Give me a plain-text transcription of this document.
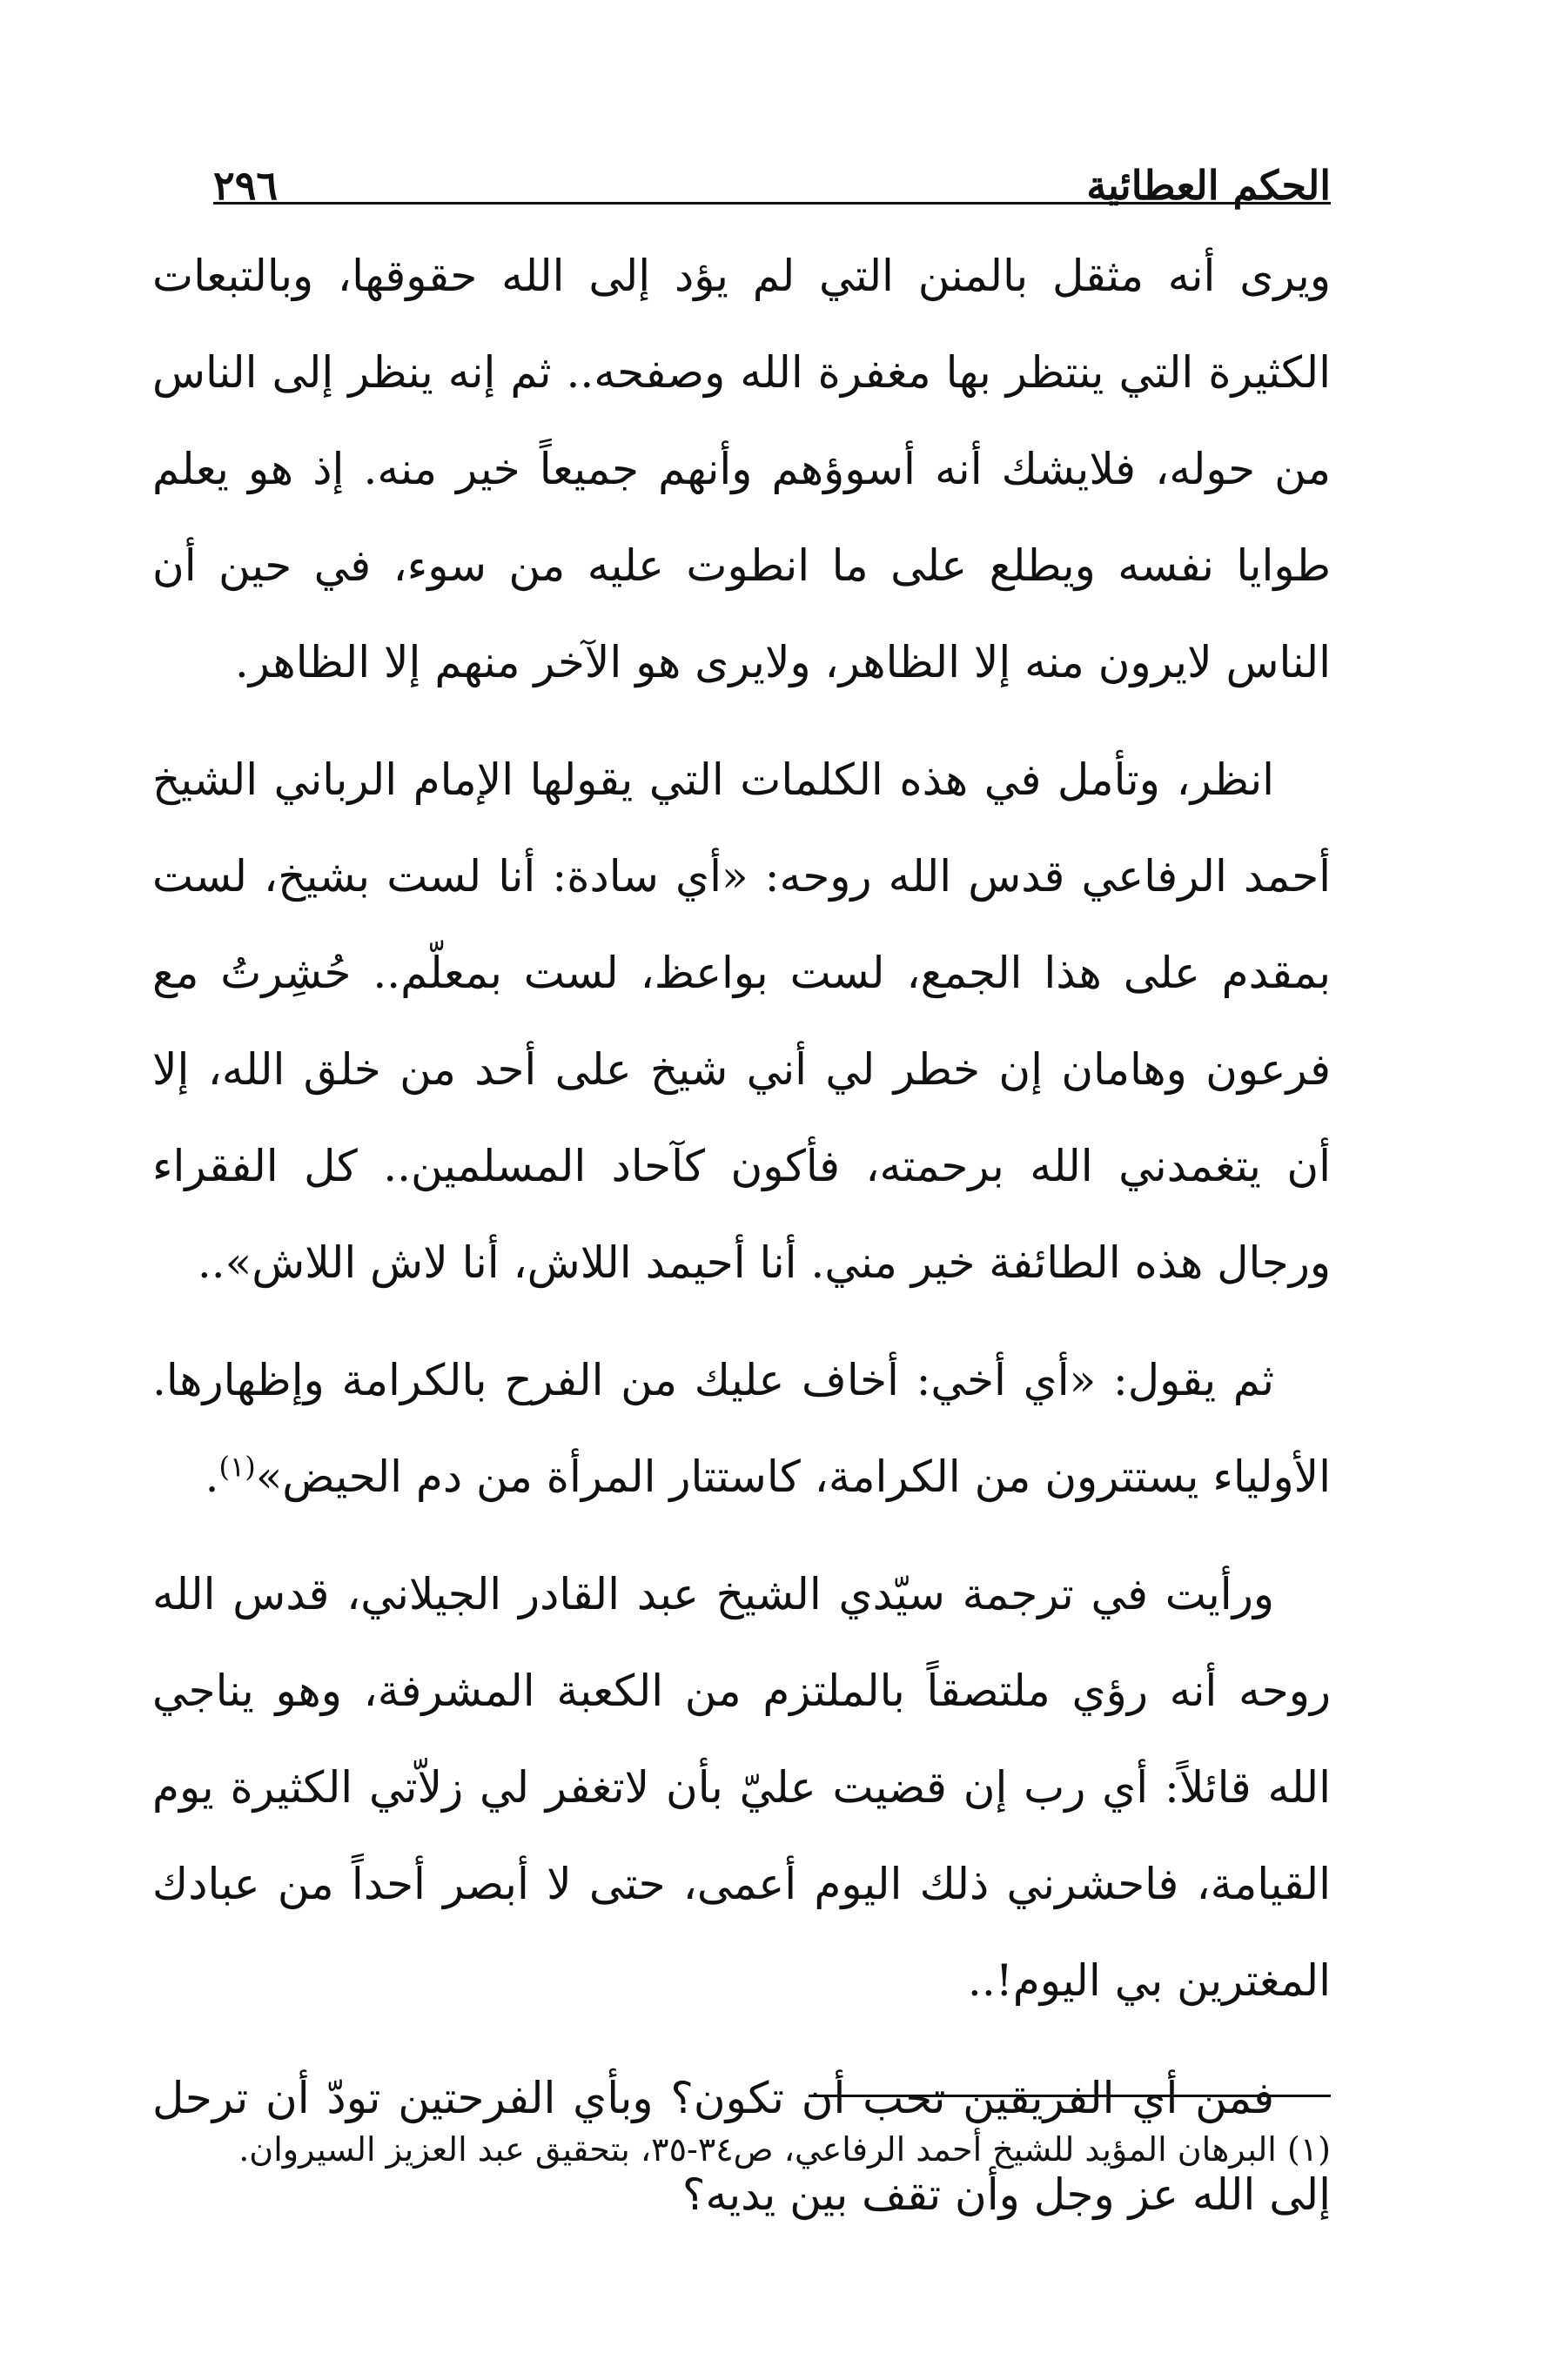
الحكم العطائية
٢٩٦

ويرى أنه مثقل بالمنن التي لم يؤد إلى الله حقوقها، وبالتبعات الكثيرة التي ينتظر بها مغفرة الله وصفحه.. ثم إنه ينظر إلى الناس من حوله، فلايشك أنه أسوؤهم وأنهم جميعاً خير منه. إذ هو يعلم طوايا نفسه ويطلع على ما انطوت عليه من سوء، في حين أن الناس لايرون منه إلا الظاهر، ولايرى هو الآخر منهم إلا الظاهر.

انظر، وتأمل في هذه الكلمات التي يقولها الإمام الرباني الشيخ أحمد الرفاعي قدس الله روحه: «أي سادة: أنا لست بشيخ، لست بمقدم على هذا الجمع، لست بواعظ، لست بمعلّم.. حُشِرتُ مع فرعون وهامان إن خطر لي أني شيخ على أحد من خلق الله، إلا أن يتغمدني الله برحمته، فأكون كآحاد المسلمين.. كل الفقراء ورجال هذه الطائفة خير مني. أنا أحيمد اللاش، أنا لاش اللاش»..

ثم يقول: «أي أخي: أخاف عليك من الفرح بالكرامة وإظهارها. الأولياء يستترون من الكرامة، كاستتار المرأة من دم الحيض»$^{(١)}$.

ورأيت في ترجمة سيّدي الشيخ عبد القادر الجيلاني، قدس الله روحه أنه رؤي ملتصقاً بالملتزم من الكعبة المشرفة، وهو يناجي الله قائلاً: أي رب إن قضيت عليّ بأن لاتغفر لي زلاّتي الكثيرة يوم القيامة، فاحشرني ذلك اليوم أعمى، حتى لا أبصر أحداً من عبادك المغترين بي اليوم!..

فمن أي الفريقين تحب أن تكون؟ وبأي الفرحتين تودّ أن ترحل إلى الله عز وجل وأن تقف بين يديه؟

(١) البرهان المؤيد للشيخ أحمد الرفاعي، ص٣٤-٣٥، بتحقيق عبد العزيز السيروان.
